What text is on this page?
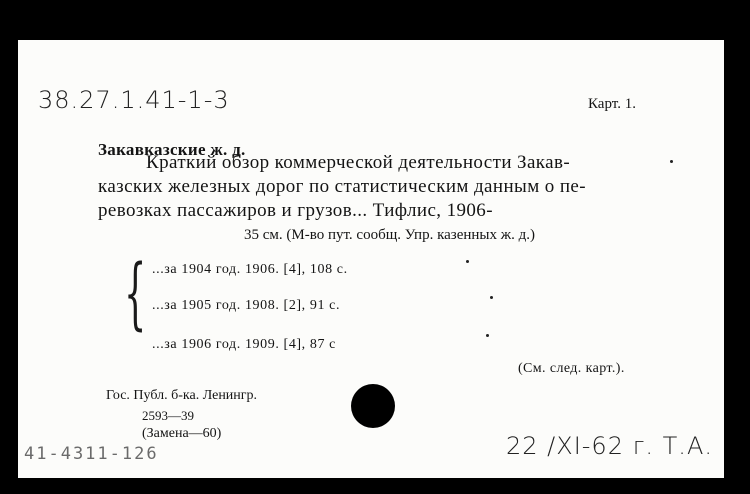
38.27.1.41-1-3	Карт. 1.
Закавказские ж. д.
Краткий обзор коммерческой деятельности Закав-
казских железных дорог по статистическим данным о пе-
ревозках пассажиров и грузов... Тифлис, 1906-
35 см. (М-во пут. сообщ. Упр. казенных ж. д.)
{ ...за 1904 год. 1906. [4], 108 с.
...за 1905 год. 1908. [2], 91 с.
...за 1906 год. 1909. [4], 87 с
(См. след. карт.).
Гос. Публ. б-ка. Ленингр.
2593—39
(Замена—60)
41-4311-126	22 /XI-62 г. Т.А.
